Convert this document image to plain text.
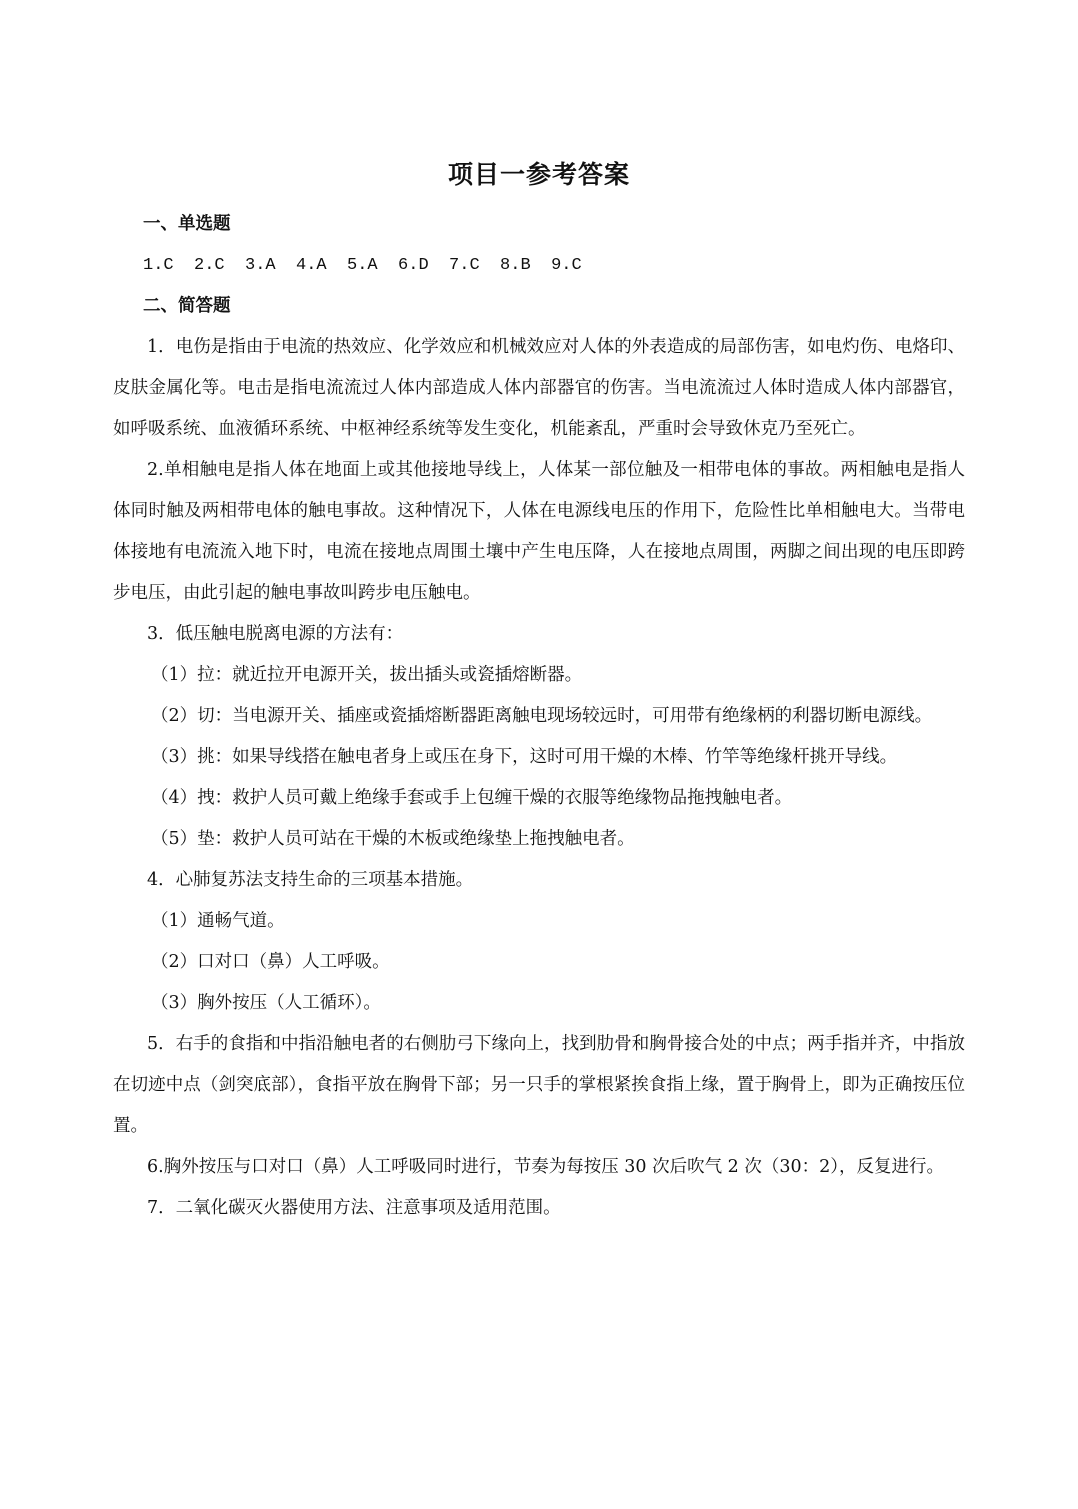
项目一参考答案
一、单选题
1.C  2.C  3.A  4.A  5.A  6.D  7.C  8.B  9.C
二、简答题

1．电伤是指由于电流的热效应、化学效应和机械效应对人体的外表造成的局部伤害，如电灼伤、电烙印、皮肤金属化等。电击是指电流流过人体内部造成人体内部器官的伤害。当电流流过人体时造成人体内部器官，如呼吸系统、血液循环系统、中枢神经系统等发生变化，机能紊乱，严重时会导致休克乃至死亡。

2.单相触电是指人体在地面上或其他接地导线上，人体某一部位触及一相带电体的事故。两相触电是指人体同时触及两相带电体的触电事故。这种情况下，人体在电源线电压的作用下，危险性比单相触电大。当带电体接地有电流流入地下时，电流在接地点周围土壤中产生电压降，人在接地点周围，两脚之间出现的电压即跨步电压，由此引起的触电事故叫跨步电压触电。

3．低压触电脱离电源的方法有：

（1）拉：就近拉开电源开关，拔出插头或瓷插熔断器。

（2）切：当电源开关、插座或瓷插熔断器距离触电现场较远时，可用带有绝缘柄的利器切断电源线。

（3）挑：如果导线搭在触电者身上或压在身下，这时可用干燥的木棒、竹竿等绝缘杆挑开导线。

（4）拽：救护人员可戴上绝缘手套或手上包缠干燥的衣服等绝缘物品拖拽触电者。

（5）垫：救护人员可站在干燥的木板或绝缘垫上拖拽触电者。

4．心肺复苏法支持生命的三项基本措施。

（1）通畅气道。

（2）口对口（鼻）人工呼吸。

（3）胸外按压（人工循环）。

5．右手的食指和中指沿触电者的右侧肋弓下缘向上，找到肋骨和胸骨接合处的中点；两手指并齐，中指放在切迹中点（剑突底部），食指平放在胸骨下部；另一只手的掌根紧挨食指上缘，置于胸骨上，即为正确按压位置。

6.胸外按压与口对口（鼻）人工呼吸同时进行，节奏为每按压 30 次后吹气 2 次（30：2），反复进行。

7．二氧化碳灭火器使用方法、注意事项及适用范围。
